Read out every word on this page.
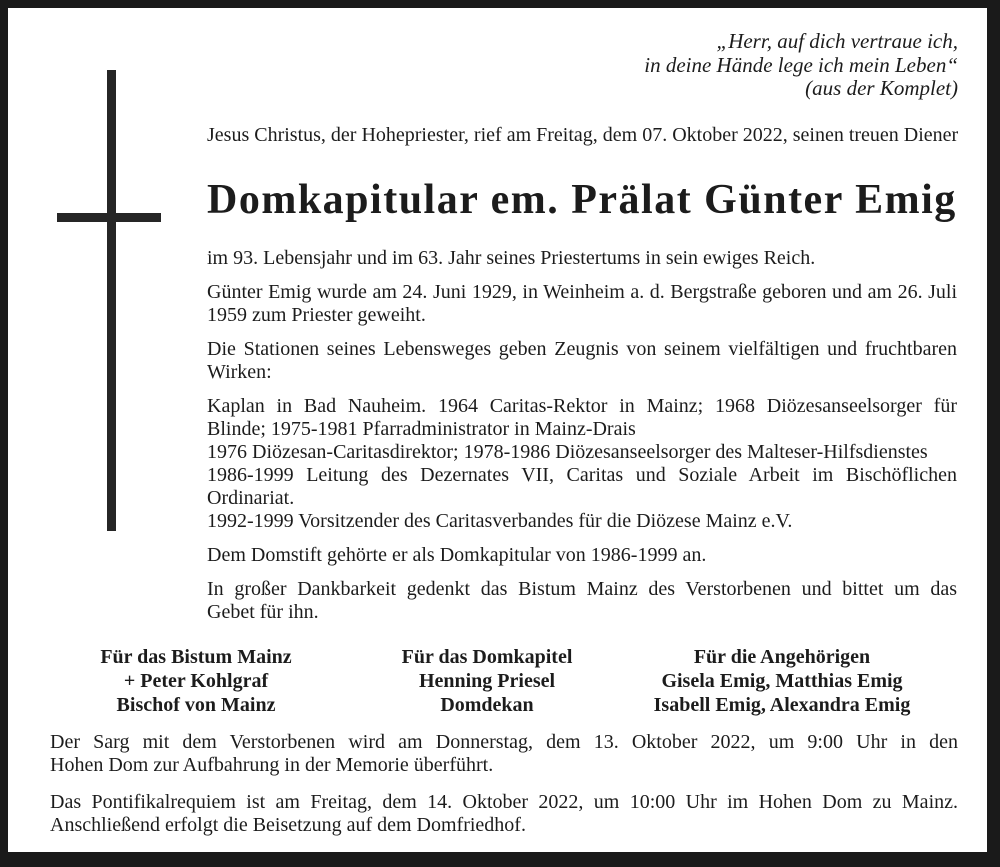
„Herr, auf dich vertraue ich,
in deine Hände lege ich mein Leben“
(aus der Komplet)
Jesus Christus, der Hohepriester, rief am Freitag, dem 07. Oktober 2022, seinen treuen Diener
Domkapitular em. Prälat Günter Emig
im 93. Lebensjahr und im 63. Jahr seines Priestertums in sein ewiges Reich.
Günter Emig wurde am 24. Juni 1929, in Weinheim a. d. Bergstraße geboren und am 26. Juli
1959 zum Priester geweiht.
Die Stationen seines Lebensweges geben Zeugnis von seinem vielfältigen und fruchtbaren
Wirken:
Kaplan in Bad Nauheim. 1964 Caritas-Rektor in Mainz; 1968 Diözesanseelsorger für
Blinde; 1975-1981 Pfarradministrator in Mainz-Drais
1976 Diözesan-Caritasdirektor; 1978-1986 Diözesanseelsorger des Malteser-Hilfsdienstes
1986-1999 Leitung des Dezernates VII, Caritas und Soziale Arbeit im Bischöflichen
Ordinariat.
1992-1999 Vorsitzender des Caritasverbandes für die Diözese Mainz e.V.
Dem Domstift gehörte er als Domkapitular von 1986-1999 an.
In großer Dankbarkeit gedenkt das Bistum Mainz des Verstorbenen und bittet um das
Gebet für ihn.
Für das Bistum Mainz
+ Peter Kohlgraf
Bischof von Mainz
Für das Domkapitel
Henning Priesel
Domdekan
Für die Angehörigen
Gisela Emig, Matthias Emig
Isabell Emig, Alexandra Emig
Der Sarg mit dem Verstorbenen wird am Donnerstag, dem 13. Oktober 2022, um 9:00 Uhr in den
Hohen Dom zur Aufbahrung in der Memorie überführt.
Das Pontifikalrequiem ist am Freitag, dem 14. Oktober 2022, um 10:00 Uhr im Hohen Dom zu Mainz.
Anschließend erfolgt die Beisetzung auf dem Domfriedhof.
